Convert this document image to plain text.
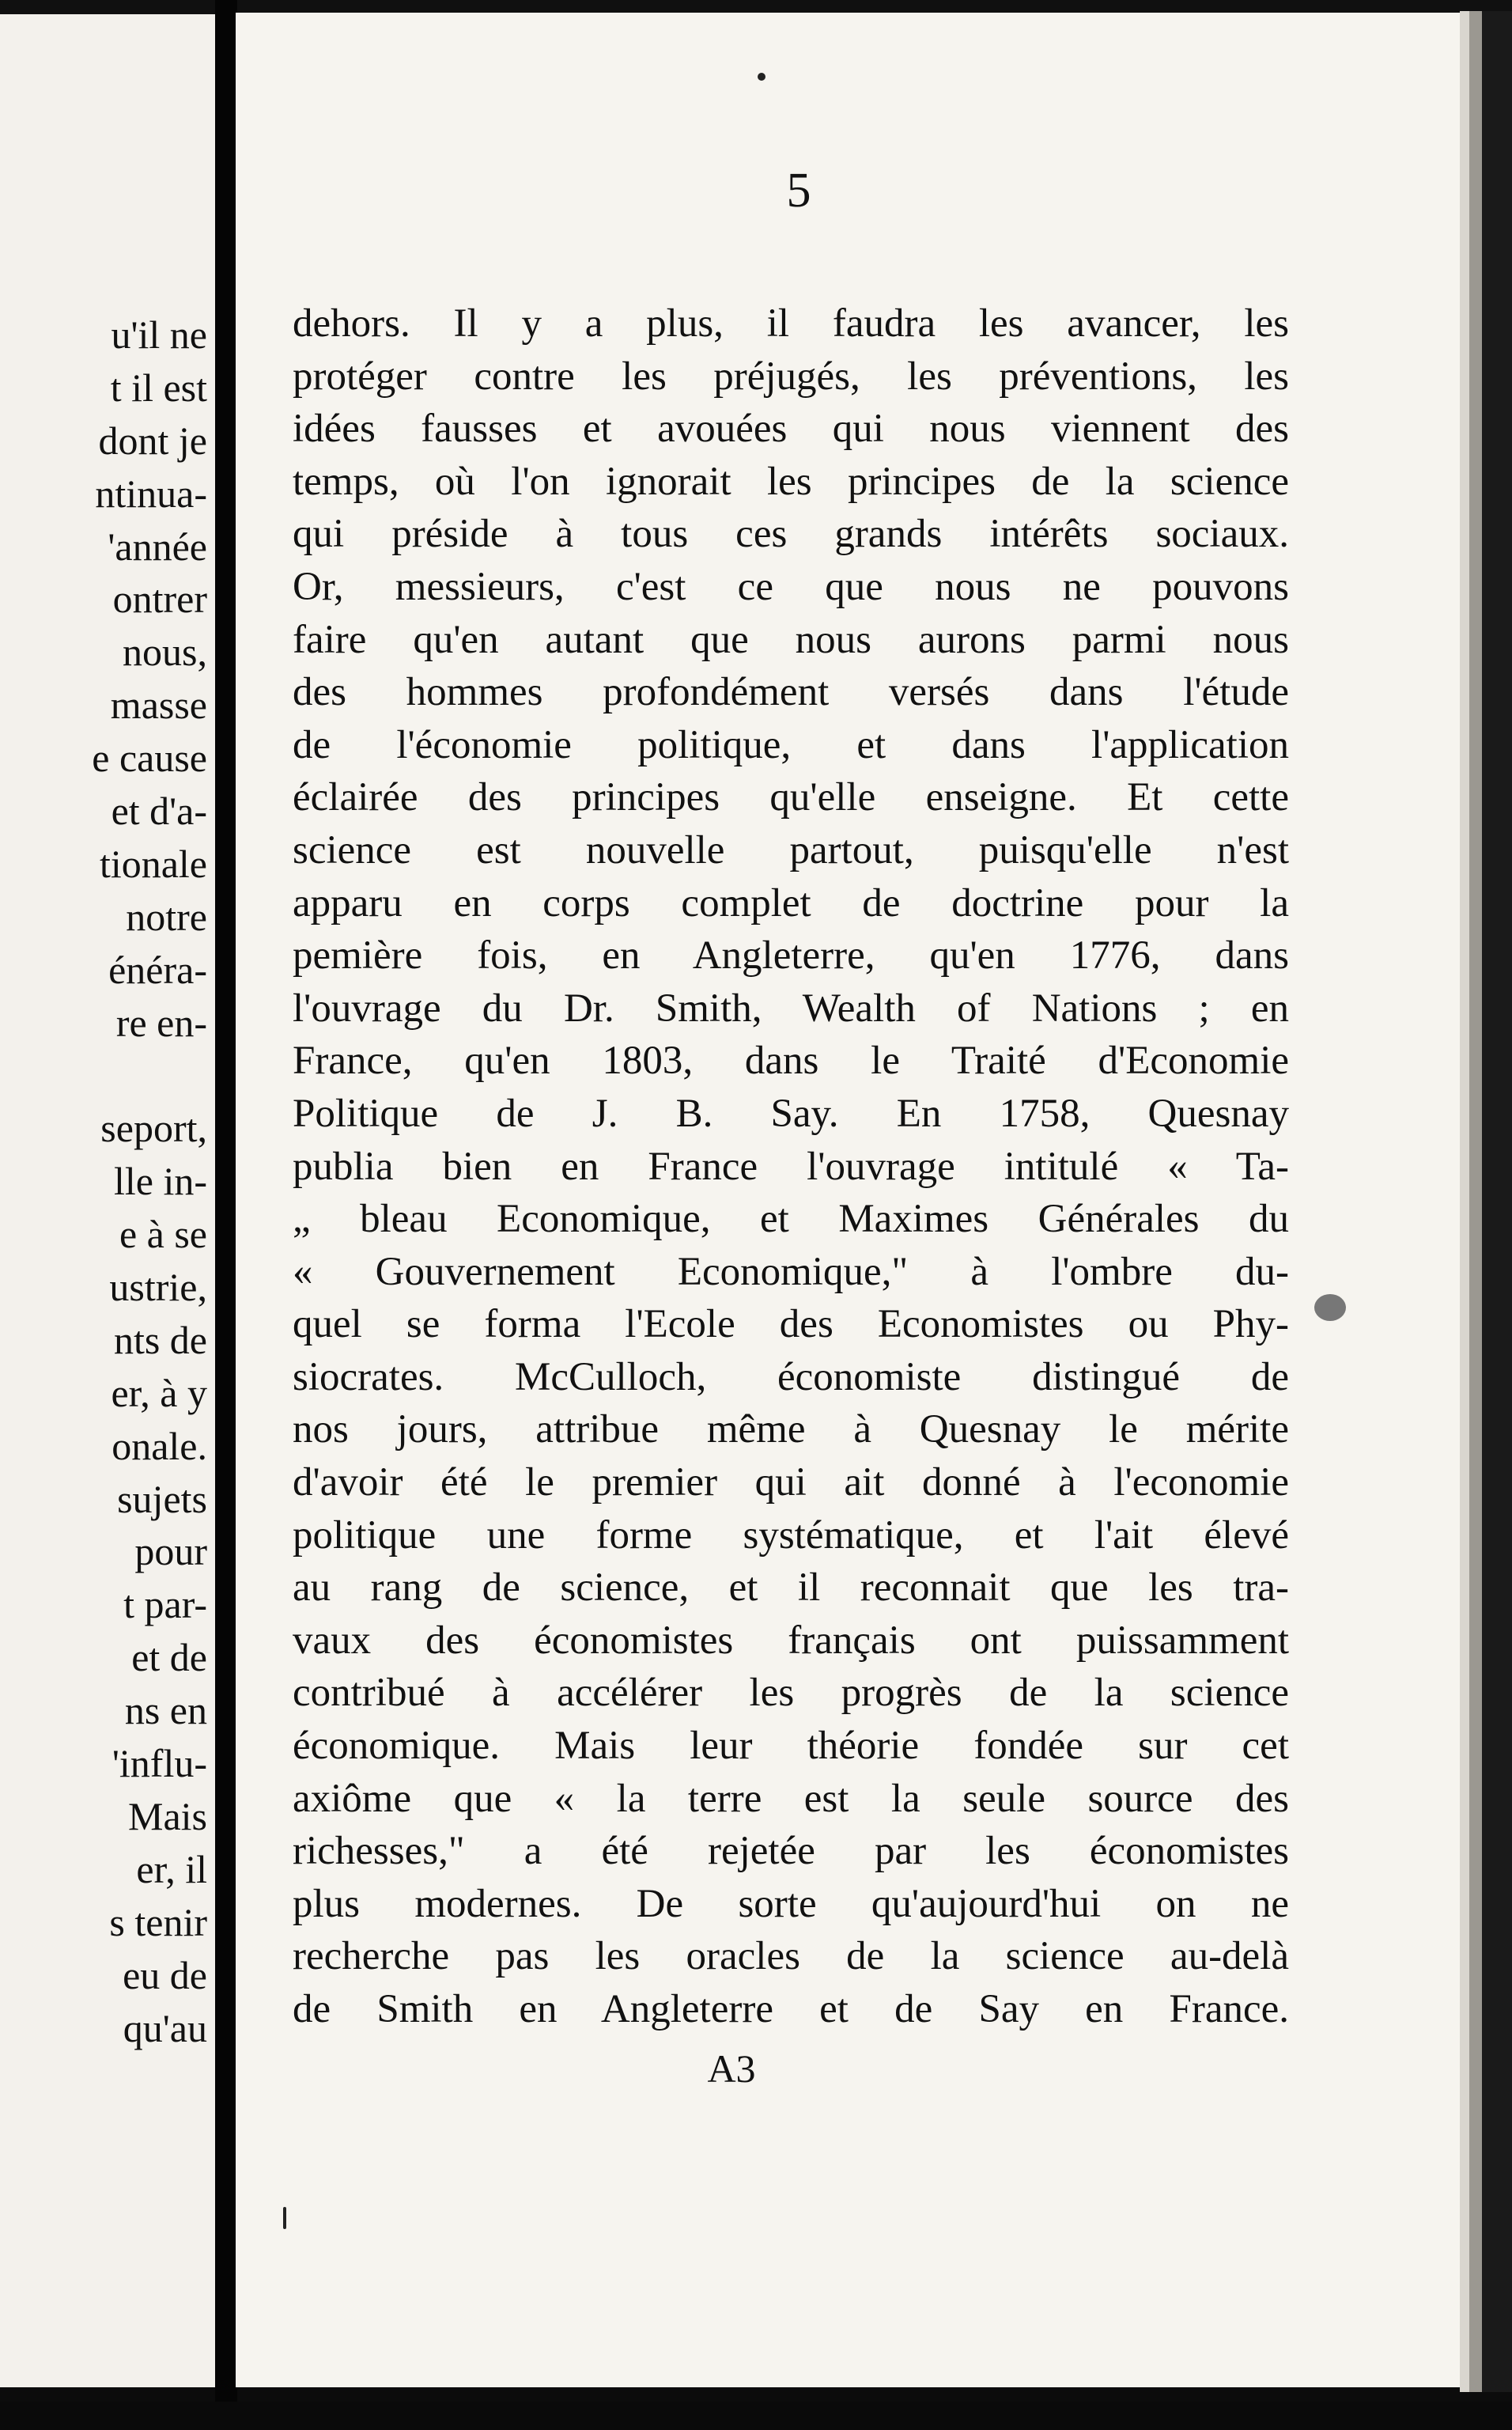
u'il ne
t il est
dont je
ntinua-
'année
ontrer
nous,
masse
e cause
et d'a-
tionale
notre
énéra-
re en-
seport,
lle in-
e à se
ustrie,
nts de
er, à y
onale.
sujets
pour
t par-
et de
ns en
'influ-
Mais
er, il
s tenir
eu de
qu'au
5
dehors. Il y a plus, il faudra les avancer, les
protéger contre les préjugés, les préventions, les
idées fausses et avouées qui nous viennent des
temps, où l'on ignorait les principes de la science
qui préside à tous ces grands intérêts sociaux.
Or, messieurs, c'est ce que nous ne pouvons
faire qu'en autant que nous aurons parmi nous
des hommes profondément versés dans l'étude
de l'économie politique, et dans l'application
éclairée des principes qu'elle enseigne. Et cette
science est nouvelle partout, puisqu'elle n'est
apparu en corps complet de doctrine pour la
pemière fois, en Angleterre, qu'en 1776, dans
l'ouvrage du Dr. Smith, Wealth of Nations ; en
France, qu'en 1803, dans le Traité d'Economie
Politique de J. B. Say. En 1758, Quesnay
publia bien en France l'ouvrage intitulé « Ta-
„ bleau Economique, et Maximes Générales du
« Gouvernement Economique," à l'ombre du-
quel se forma l'Ecole des Economistes ou Phy-
siocrates. McCulloch, économiste distingué de
nos jours, attribue même à Quesnay le mérite
d'avoir été le premier qui ait donné à l'economie
politique une forme systématique, et l'ait élevé
au rang de science, et il reconnait que les tra-
vaux des économistes français ont puissamment
contribué à accélérer les progrès de la science
économique. Mais leur théorie fondée sur cet
axiôme que « la terre est la seule source des
richesses," a été rejetée par les économistes
plus modernes. De sorte qu'aujourd'hui on ne
recherche pas les oracles de la science au-delà
de Smith en Angleterre et de Say en France.
A3
